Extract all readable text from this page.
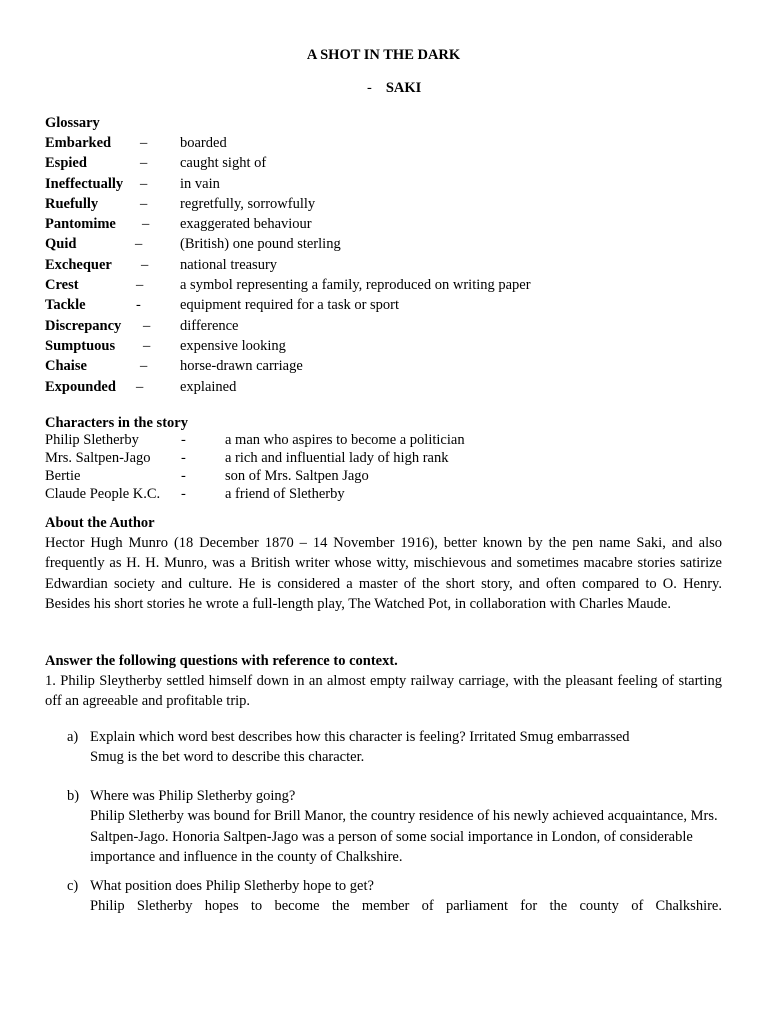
A SHOT IN THE DARK
- SAKI
Glossary
Embarked – boarded
Espied	– caught sight of
Ineffectually – in vain
Ruefully	– regretfully, sorrowfully
Pantomime – exaggerated behaviour
Quid	–	(British) one pound sterling
Exchequer – national treasury
Crest	–	a symbol representing a family, reproduced on writing paper
Tackle	-	equipment required for a task or sport
Discrepancy – difference
Sumptuous – expensive looking
Chaise	– horse-drawn carriage
Expounded –	explained
Characters in the story
Philip Sletherby	-	a man who aspires to become a politician
Mrs. Saltpen-Jago -	a rich and influential lady of high rank
Bertie	-	son of Mrs. Saltpen Jago
Claude People K.C. -	a friend of Sletherby
About the Author
Hector Hugh Munro (18 December 1870 – 14 November 1916), better known by the pen name Saki, and also frequently as H. H. Munro, was a British writer whose witty, mischievous and sometimes macabre stories satirize Edwardian society and culture. He is considered a master of the short story, and often compared to O. Henry. Besides his short stories he wrote a full-length play, The Watched Pot, in collaboration with Charles Maude.
Answer the following questions with reference to context.
1. Philip Sleytherby settled himself down in an almost empty railway carriage, with the pleasant feeling of starting off an agreeable and profitable trip.
a) Explain which word best describes how this character is feeling? Irritated Smug embarrassed
Smug is the bet word to describe this character.
b) Where was Philip Sletherby going?
Philip Sletherby was bound for Brill Manor, the country residence of his newly achieved acquaintance, Mrs. Saltpen-Jago. Honoria Saltpen-Jago was a person of some social importance in London, of considerable importance and influence in the county of Chalkshire.
c) What position does Philip Sletherby hope to get?
Philip Sletherby hopes to become the member of parliament for the county of Chalkshire.
